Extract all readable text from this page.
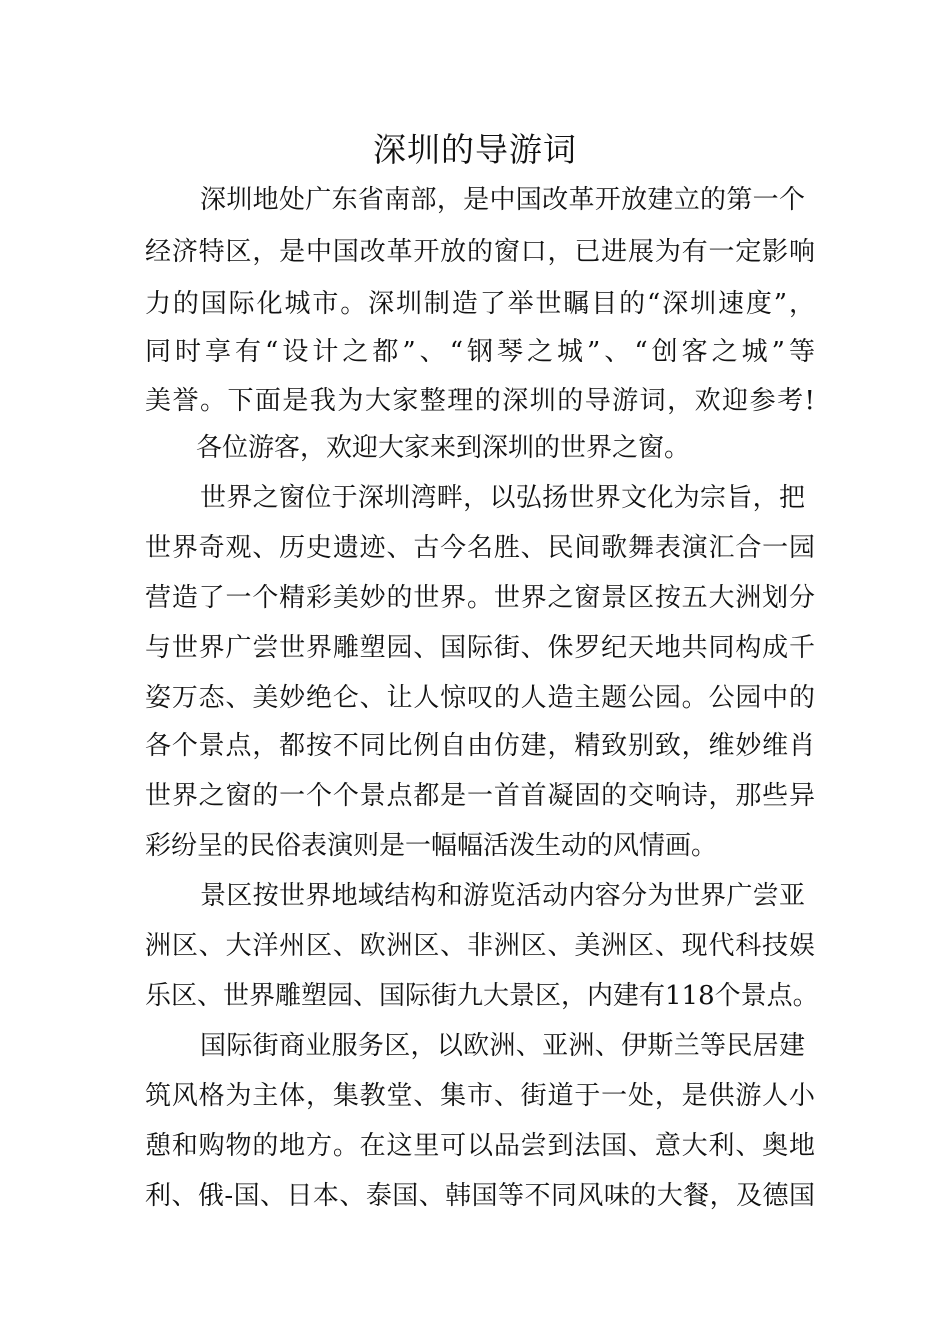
深圳的导游词
深圳地处广东省南部，是中国改革开放建立的第一个
经济特区，是中国改革开放的窗口，已进展为有一定影响
力的国际化城市。深圳制造了举世瞩目的“深圳速度”，
同时享有“设计之都”、“钢琴之城”、“创客之城”等
美誉。下面是我为大家整理的深圳的导游词，欢迎参考!
各位游客，欢迎大家来到深圳的世界之窗。
世界之窗位于深圳湾畔，以弘扬世界文化为宗旨，把
世界奇观、历史遗迹、古今名胜、民间歌舞表演汇合一园
营造了一个精彩美妙的世界。世界之窗景区按五大洲划分
与世界广尝世界雕塑园、国际街、侏罗纪天地共同构成千
姿万态、美妙绝仑、让人惊叹的人造主题公园。公园中的
各个景点，都按不同比例自由仿建，精致别致，维妙维肖
世界之窗的一个个景点都是一首首凝固的交响诗，那些异
彩纷呈的民俗表演则是一幅幅活泼生动的风情画。
景区按世界地域结构和游览活动内容分为世界广尝亚
洲区、大洋州区、欧洲区、非洲区、美洲区、现代科技娱
乐区、世界雕塑园、国际街九大景区，内建有118个景点。
国际街商业服务区，以欧洲、亚洲、伊斯兰等民居建
筑风格为主体，集教堂、集市、街道于一处，是供游人小
憩和购物的地方。在这里可以品尝到法国、意大利、奥地
利、俄-国、日本、泰国、韩国等不同风味的大餐，及德国
